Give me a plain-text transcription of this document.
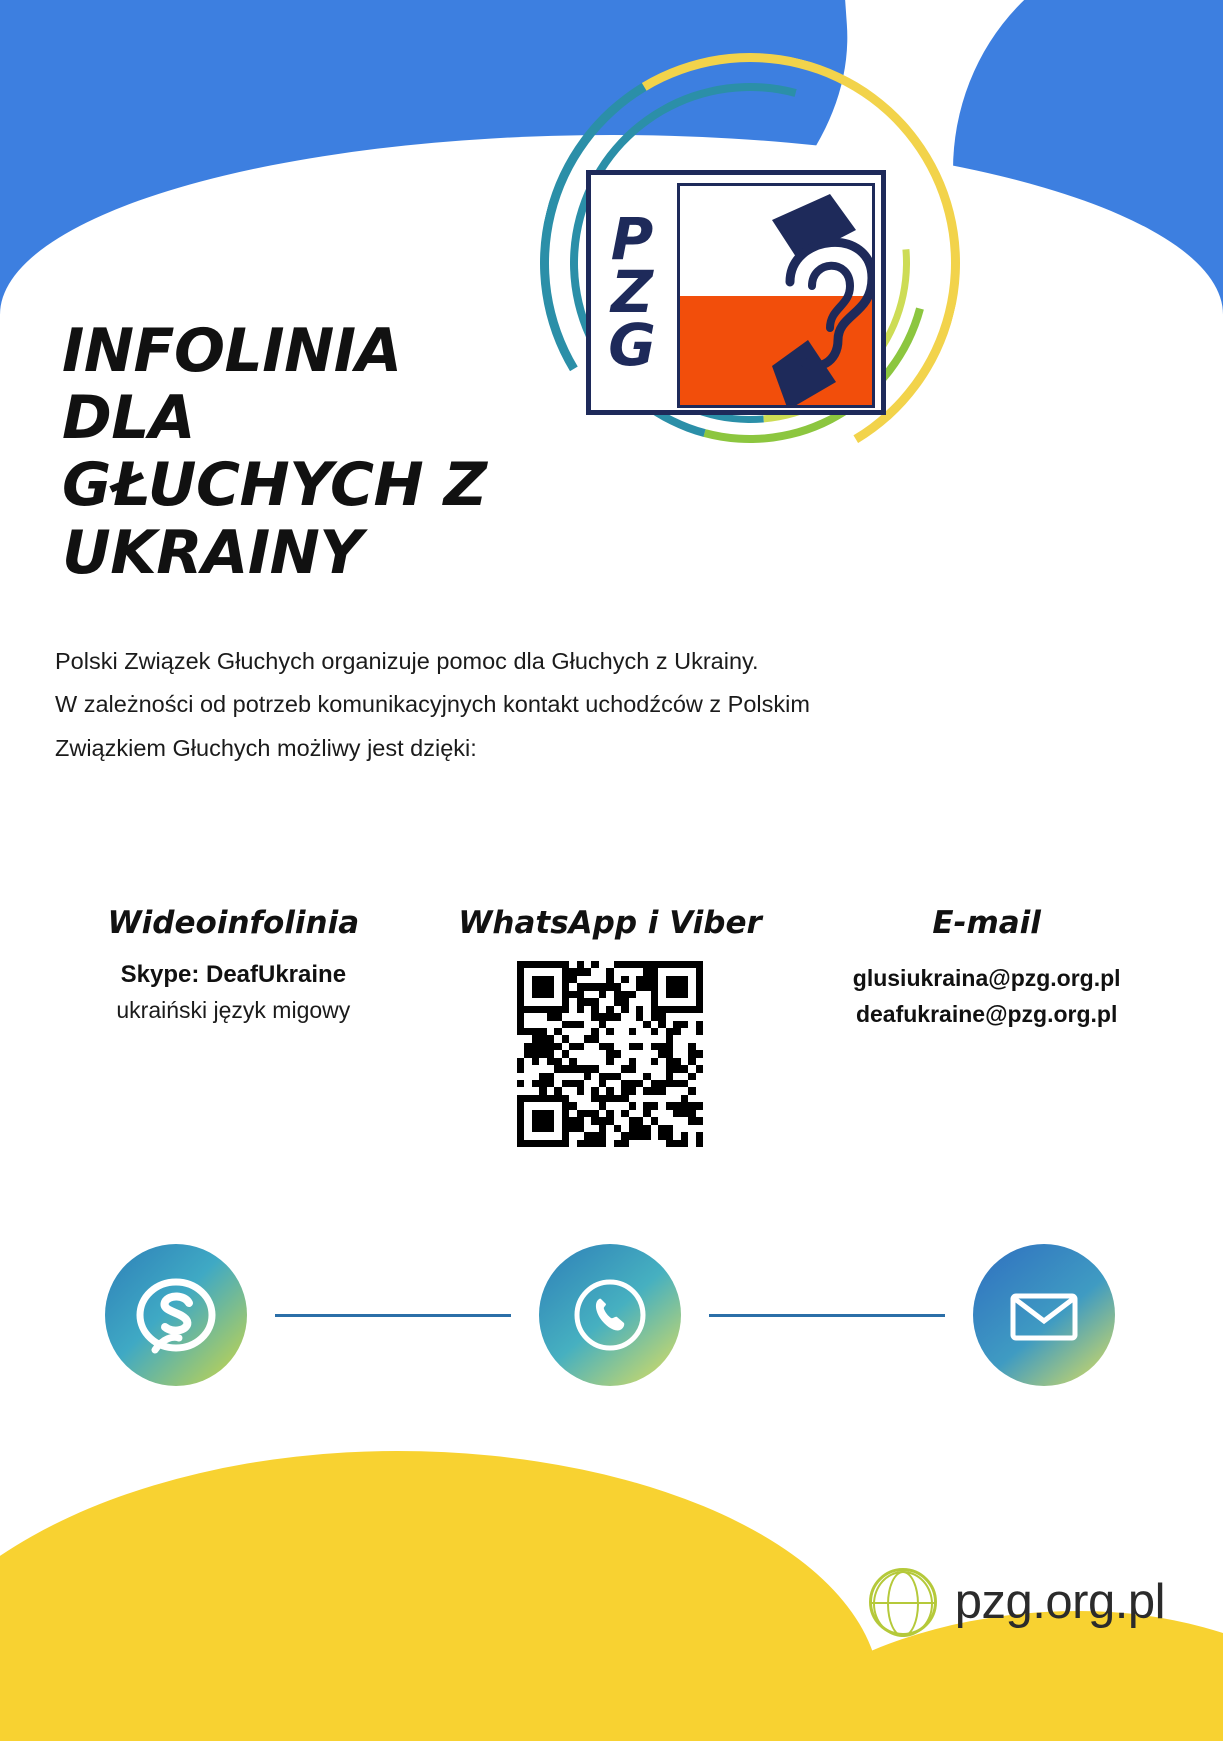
P
Z
G
INFOLINIA DLA GŁUCHYCH Z UKRAINY
Polski Związek Głuchych organizuje pomoc dla Głuchych z Ukrainy.
W zależności od potrzeb komunikacyjnych kontakt uchodźców z Polskim
Związkiem Głuchych możliwy jest dzięki:
Wideoinfolinia
Skype: DeafUkraine
ukraiński język migowy
WhatsApp i Viber	E-mail
glusiukraina@pzg.org.pl
deafukraine@pzg.org.pl
pzg.org.pl
